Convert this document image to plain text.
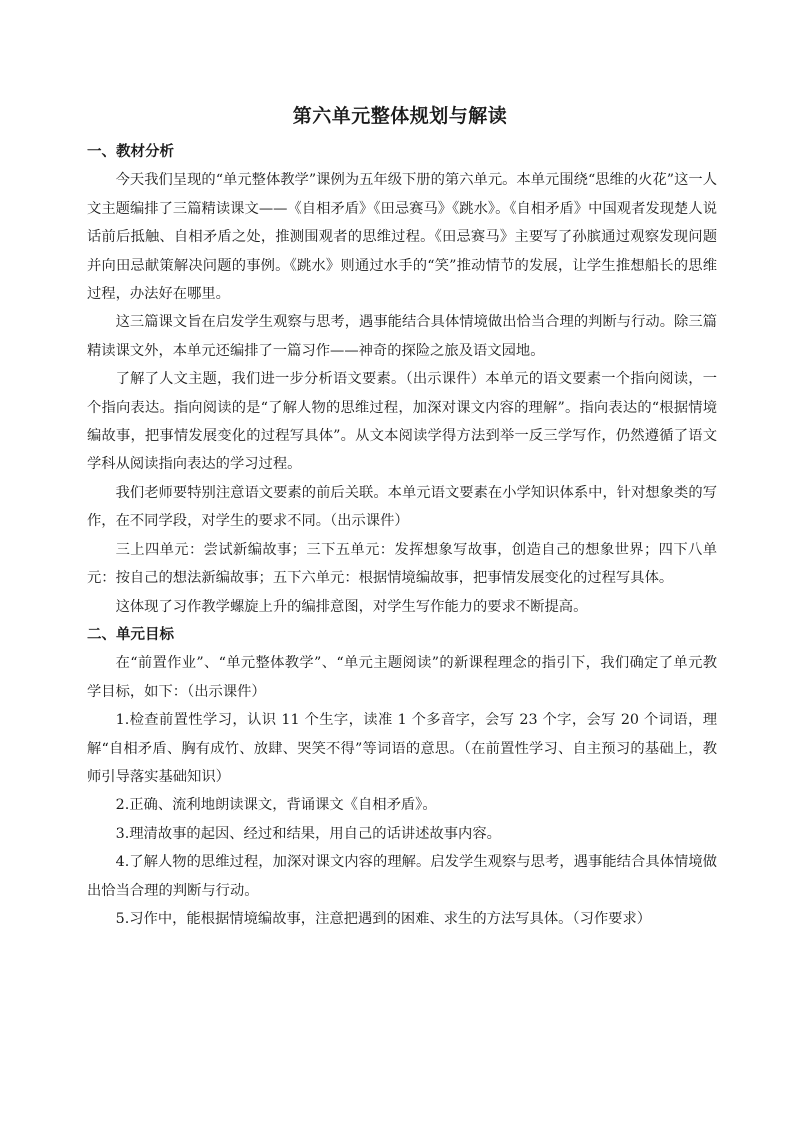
第六单元整体规划与解读

一、教材分析

今天我们呈现的“单元整体教学”课例为五年级下册的第六单元。本单元围绕“思维的火花”这一人文主题编排了三篇精读课文——《自相矛盾》《田忌赛马》《跳水》。《自相矛盾》中国观者发现楚人说话前后抵触、自相矛盾之处，推测围观者的思维过程。《田忌赛马》主要写了孙膑通过观察发现问题并向田忌献策解决问题的事例。《跳水》则通过水手的“笑”推动情节的发展，让学生推想船长的思维过程，办法好在哪里。

这三篇课文旨在启发学生观察与思考，遇事能结合具体情境做出恰当合理的判断与行动。除三篇精读课文外，本单元还编排了一篇习作——神奇的探险之旅及语文园地。

了解了人文主题，我们进一步分析语文要素。（出示课件）本单元的语文要素一个指向阅读，一个指向表达。指向阅读的是“了解人物的思维过程，加深对课文内容的理解”。指向表达的“根据情境编故事，把事情发展变化的过程写具体”。从文本阅读学得方法到举一反三学写作，仍然遵循了语文学科从阅读指向表达的学习过程。

我们老师要特别注意语文要素的前后关联。本单元语文要素在小学知识体系中，针对想象类的写作，在不同学段，对学生的要求不同。（出示课件）

三上四单元：尝试新编故事；三下五单元：发挥想象写故事，创造自己的想象世界；四下八单元：按自己的想法新编故事；五下六单元：根据情境编故事，把事情发展变化的过程写具体。

这体现了习作教学螺旋上升的编排意图，对学生写作能力的要求不断提高。

二、单元目标

在“前置作业”、“单元整体教学”、“单元主题阅读”的新课程理念的指引下，我们确定了单元教学目标，如下：（出示课件）

1.检查前置性学习，认识 11 个生字，读准 1 个多音字，会写 23 个字，会写 20 个词语，理解“自相矛盾、胸有成竹、放肆、哭笑不得”等词语的意思。（在前置性学习、自主预习的基础上，教师引导落实基础知识）

2.正确、流利地朗读课文，背诵课文《自相矛盾》。

3.理清故事的起因、经过和结果，用自己的话讲述故事内容。

4.了解人物的思维过程，加深对课文内容的理解。启发学生观察与思考，遇事能结合具体情境做出恰当合理的判断与行动。

5.习作中，能根据情境编故事，注意把遇到的困难、求生的方法写具体。（习作要求）
